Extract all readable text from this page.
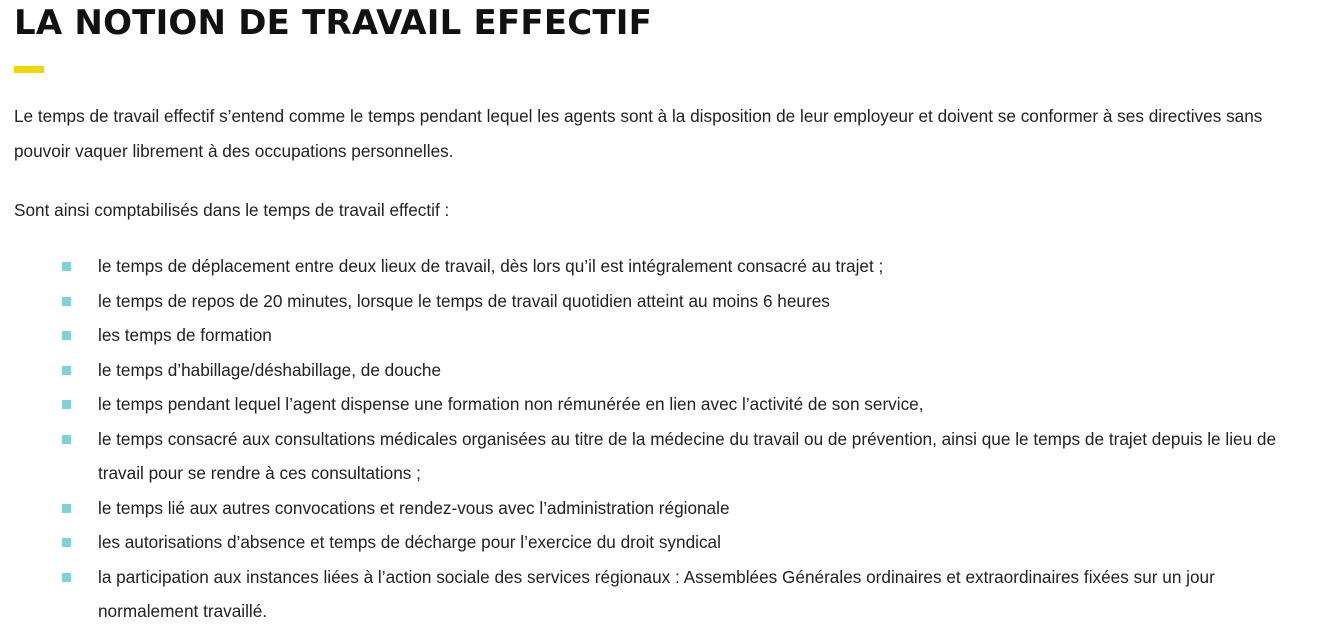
LA NOTION DE TRAVAIL EFFECTIF

Le temps de travail effectif s’entend comme le temps pendant lequel les agents sont à la disposition de leur employeur et doivent se conformer à ses directives sans pouvoir vaquer librement à des occupations personnelles.

Sont ainsi comptabilisés dans le temps de travail effectif :

le temps de déplacement entre deux lieux de travail, dès lors qu’il est intégralement consacré au trajet ;
le temps de repos de 20 minutes, lorsque le temps de travail quotidien atteint au moins 6 heures
les temps de formation
le temps d’habillage/déshabillage, de douche
le temps pendant lequel l’agent dispense une formation non rémunérée en lien avec l’activité de son service,
le temps consacré aux consultations médicales organisées au titre de la médecine du travail ou de prévention, ainsi que le temps de trajet depuis le lieu de travail pour se rendre à ces consultations ;
le temps lié aux autres convocations et rendez-vous avec l’administration régionale
les autorisations d’absence et temps de décharge pour l’exercice du droit syndical
la participation aux instances liées à l’action sociale des services régionaux : Assemblées Générales ordinaires et extraordinaires fixées sur un jour normalement travaillé.
